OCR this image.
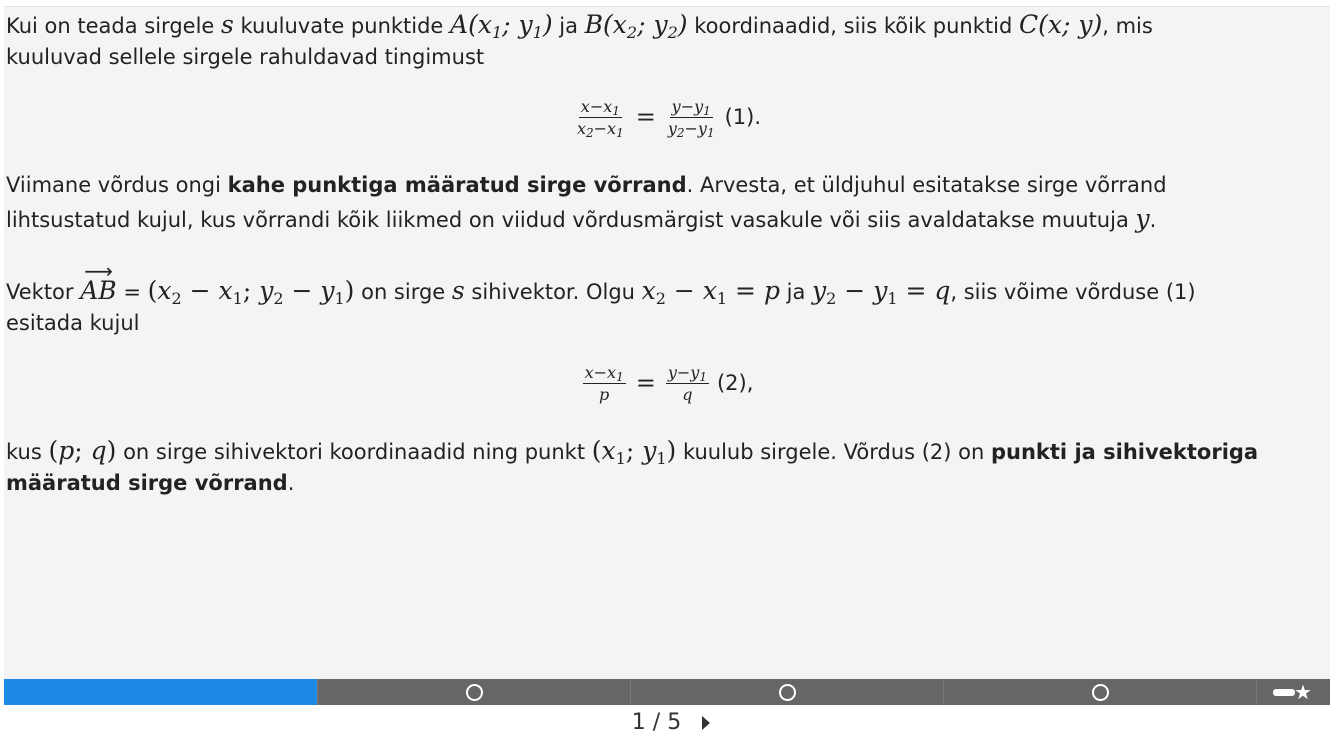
Kui on teada sirgele s kuuluvate punktide $A(x_1$; $y_1$) ja $B(x_2$; $y_2$) koordinaadid, siis kõik punktid C(x; y), mis
kuuluvad sellele sirgele rahuldavad tingimust
$\frac{x-x_1}{x_2-x_1} = \frac{y-y_1}{y_2-y_1} (1)$.
Viimane võrdus ongi kahe punktiga määratud sirge võrrand. Arvesta, et üldjuhul esitatakse sirge võrrand
lihtsustatud kujul, kus võrrandi kõik liikmed on viidud võrdusmärgist vasakule või siis avaldatakse muutuja y.
Vektor
⟶
AB = ($x_2 - x_1$; $y_2 - y_1$) on sirge s sihivektor. Olgu $x_2 - x_1 = p$ ja $y_2 - y_1 = q$, siis võime võrduse (1)
esitada kujul
$\frac{x-x_1}{p} = \frac{y-y_1}{q} (2)$,
kus (p; q) on sirge sihivektori koordinaadid ning punkt ($x_1$; $y_1$) kuulub sirgele. Võrdus (2) on punkti ja sihivektoriga
määratud sirge võrrand.
★
1 / 5
